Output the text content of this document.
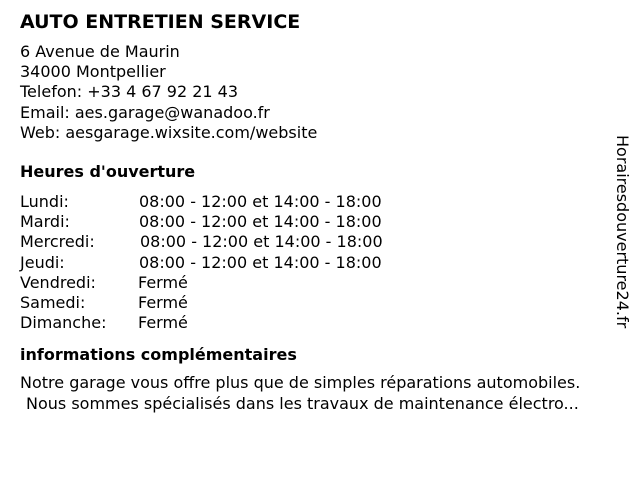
AUTO ENTRETIEN SERVICE
6 Avenue de Maurin
34000 Montpellier
Telefon: +33 4 67 92 21 43
Email: aes.garage@wanadoo.fr
Web: aesgarage.wixsite.com/website
Heures d'ouverture
Lundi:	08:00 - 12:00 et 14:00 - 18:00
Mardi:	08:00 - 12:00 et 14:00 - 18:00
Mercredi:	08:00 - 12:00 et 14:00 - 18:00
Jeudi:	08:00 - 12:00 et 14:00 - 18:00
Vendredi:	Fermé
Samedi:	Fermé
Dimanche: Fermé
informations complémentaires
Notre garage vous offre plus que de simples réparations automobiles.
Nous sommes spécialisés dans les travaux de maintenance électro...
Horairesdouverture24.fr
